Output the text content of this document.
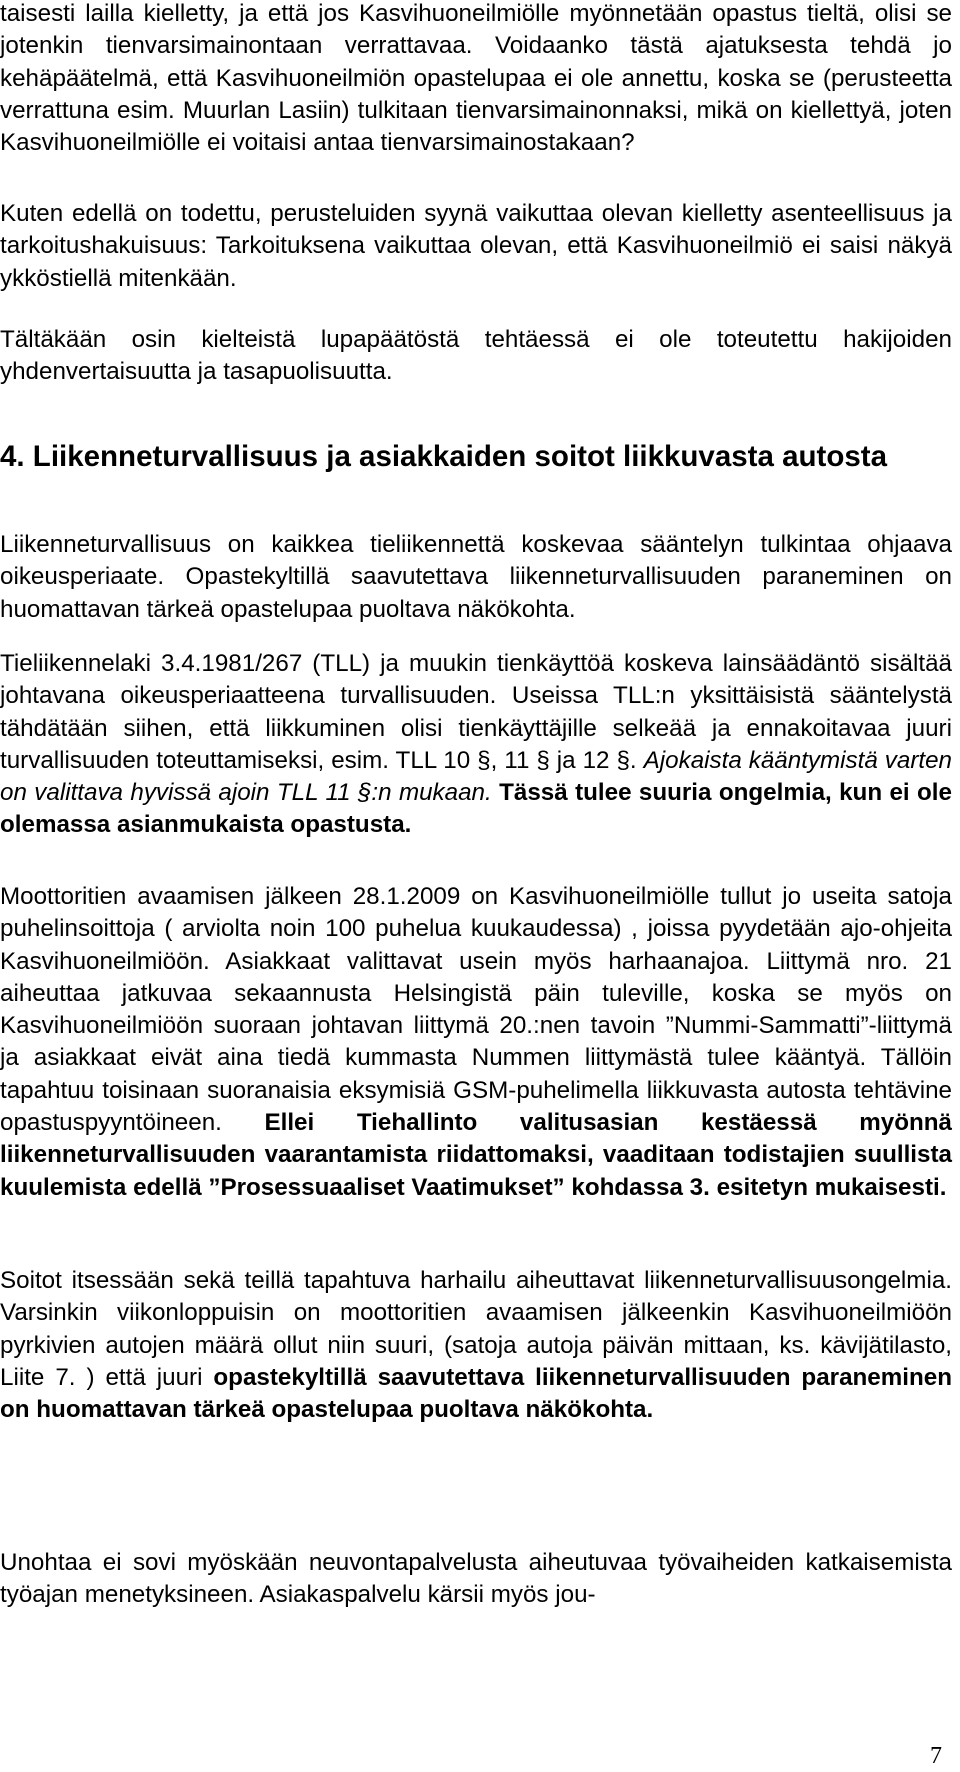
taisesti lailla kielletty, ja että jos Kasvihuoneilmiölle myönnetään opastus tieltä, olisi se jotenkin tienvarsimainontaan verrattavaa. Voidaanko tästä ajatuksesta tehdä jo kehäpäätelmä, että Kasvihuoneilmiön opastelupaa ei ole annettu, koska se (perusteetta verrattuna esim. Muurlan Lasiin) tulkitaan tienvarsimainonnaksi, mikä on kiellettyä, joten Kasvihuoneilmiölle ei voitaisi antaa tienvarsimainostakaan?

Kuten edellä on todettu, perusteluiden syynä vaikuttaa olevan kielletty asenteellisuus ja tarkoitushakuisuus: Tarkoituksena vaikuttaa olevan, että Kasvihuoneilmiö ei saisi näkyä ykköstiellä mitenkään.

Tältäkään osin kielteistä lupapäätöstä tehtäessä ei ole toteutettu hakijoiden yhdenvertaisuutta ja tasapuolisuutta.

4. Liikenneturvallisuus ja asiakkaiden soitot liikkuvasta autosta

Liikenneturvallisuus on kaikkea tieliikennettä koskevaa sääntelyn tulkintaa ohjaava oikeusperiaate. Opastekyltillä saavutettava liikenneturvallisuuden paraneminen on huomattavan tärkeä opastelupaa puoltava näkökohta.

Tieliikennelaki 3.4.1981/267 (TLL) ja muukin tienkäyttöä koskeva lainsäädäntö sisältää johtavana oikeusperiaatteena turvallisuuden. Useissa TLL:n yksittäisistä sääntelystä tähdätään siihen, että liikkuminen olisi tienkäyttäjille selkeää ja ennakoitavaa juuri turvallisuuden toteuttamiseksi, esim. TLL 10 §, 11 § ja 12 §. Ajokaista kääntymistä varten on valittava hyvissä ajoin TLL 11 §:n mukaan. Tässä tulee suuria ongelmia, kun ei ole olemassa asianmukaista opastusta.

Moottoritien avaamisen jälkeen 28.1.2009 on Kasvihuoneilmiölle tullut jo useita satoja puhelinsoittoja ( arviolta noin 100 puhelua kuukaudessa) , joissa pyydetään ajo-ohjeita Kasvihuoneilmiöön. Asiakkaat valittavat usein myös harhaanajoa. Liittymä nro. 21 aiheuttaa jatkuvaa sekaannusta Helsingistä päin tuleville, koska se myös on Kasvihuoneilmiöön suoraan johtavan liittymä 20.:nen tavoin ”Nummi-Sammatti”-liittymä ja asiakkaat eivät aina tiedä kummasta Nummen liittymästä tulee kääntyä. Tällöin tapahtuu toisinaan suoranaisia eksymisiä GSM-puhelimella liikkuvasta autosta tehtävine opastuspyyntöineen. Ellei Tiehallinto valitusasian kestäessä myönnä liikenneturvallisuuden vaarantamista riidattomaksi, vaaditaan todistajien suullista kuulemista edellä ”Prosessuaaliset Vaatimukset” kohdassa 3. esitetyn mukaisesti.

Soitot itsessään sekä teillä tapahtuva harhailu aiheuttavat liikenneturvallisuusongelmia. Varsinkin viikonloppuisin on moottoritien avaamisen jälkeenkin Kasvihuoneilmiöön pyrkivien autojen määrä ollut niin suuri, (satoja autoja päivän mittaan, ks. kävijätilasto, Liite 7. ) että juuri opastekyltillä saavutettava liikenneturvallisuuden paraneminen on huomattavan tärkeä opastelupaa puoltava näkökohta.

Unohtaa ei sovi myöskään neuvontapalvelusta aiheutuvaa työvaiheiden katkaisemista työajan menetyksineen. Asiakaspalvelu kärsii myös jou-

7
